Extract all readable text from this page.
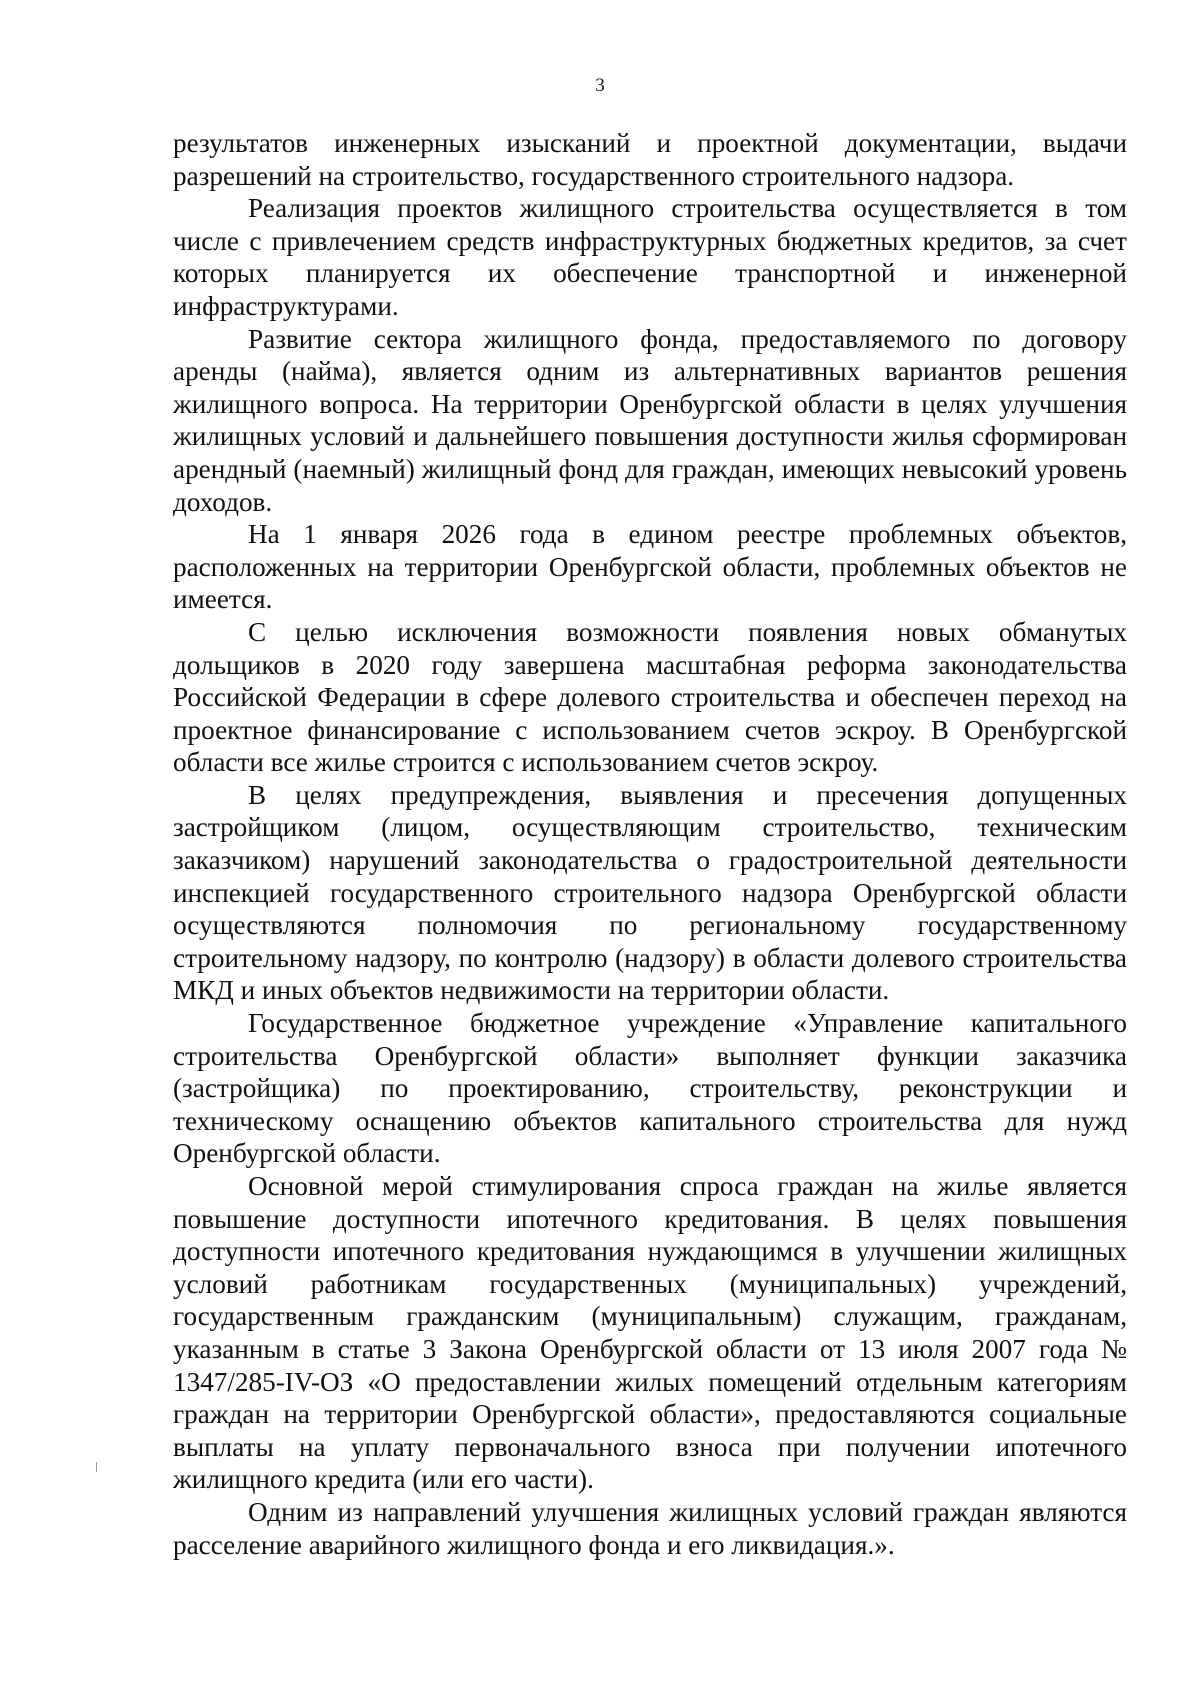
3

результатов инженерных изысканий и проектной документации, выдачи разрешений на строительство, государственного строительного надзора.

Реализация проектов жилищного строительства осуществляется в том числе с привлечением средств инфраструктурных бюджетных кредитов, за счет которых планируется их обеспечение транспортной и инженерной инфраструктурами.

Развитие сектора жилищного фонда, предоставляемого по договору аренды (найма), является одним из альтернативных вариантов решения жилищного вопроса. На территории Оренбургской области в целях улучшения жилищных условий и дальнейшего повышения доступности жилья сформирован арендный (наемный) жилищный фонд для граждан, имеющих невысокий уровень доходов.

На 1 января 2026 года в едином реестре проблемных объектов, расположенных на территории Оренбургской области, проблемных объектов не имеется.

С целью исключения возможности появления новых обманутых дольщиков в 2020 году завершена масштабная реформа законодательства Российской Федерации в сфере долевого строительства и обеспечен переход на проектное финансирование с использованием счетов эскроу. В Оренбургской области все жилье строится с использованием счетов эскроу.

В целях предупреждения, выявления и пресечения допущенных застройщиком (лицом, осуществляющим строительство, техническим заказчиком) нарушений законодательства о градостроительной деятельности инспекцией государственного строительного надзора Оренбургской области осуществляются полномочия по региональному государственному строительному надзору, по контролю (надзору) в области долевого строительства МКД и иных объектов недвижимости на территории области.

Государственное бюджетное учреждение «Управление капитального строительства Оренбургской области» выполняет функции заказчика (застройщика) по проектированию, строительству, реконструкции и техническому оснащению объектов капитального строительства для нужд Оренбургской области.

Основной мерой стимулирования спроса граждан на жилье является повышение доступности ипотечного кредитования. В целях повышения доступности ипотечного кредитования нуждающимся в улучшении жилищных условий работникам государственных (муниципальных) учреждений, государственным гражданским (муниципальным) служащим, гражданам, указанным в статье 3 Закона Оренбургской области от 13 июля 2007 года № 1347/285-IV-ОЗ «О предоставлении жилых помещений отдельным категориям граждан на территории Оренбургской области», предоставляются социальные выплаты на уплату первоначального взноса при получении ипотечного жилищного кредита (или его части).

Одним из направлений улучшения жилищных условий граждан являются расселение аварийного жилищного фонда и его ликвидация.».
